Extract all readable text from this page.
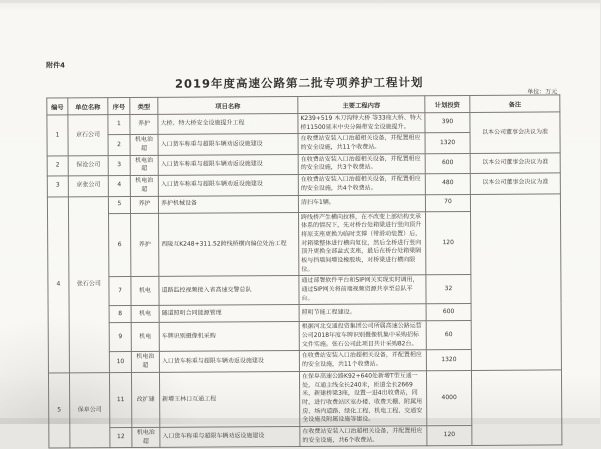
附件4
2019年度高速公路第二批专项养护工程计划
单位：万元
编号	单位名称	序号	类型	项目名称	主要工程内容	计划投资	备注
1	京石公司	1	养护	大桥、特大桥安全设施提升工程	K239+519 木刀沟特大桥 等33座大桥、特大桥11500延米中央分隔带安全设施提升。	390	以本公司董事会决议为准
		2	机电治超	入口货车称重与超限车辆劝返设施建设	在收费站安装入口治超相关设备，并配置相应的安全设施，共11个收费站。	1320	
2	保沧公司	3	机电治超	入口货车称重与超限车辆劝返设施建设	在收费站安装入口治超相关设备，并配置相应的安全设施，共3个收费站。	600	以本公司董事会决议为准
3	京张公司	4	机电治超	入口货车称重与超限车辆劝返设施建设	在收费站安装入口治超相关设备，并配置相应的安全设施，共4个收费站。	480	以本公司董事会决议为准
4	张石公司	5	养护	养护机械设备	清扫车1辆。	70	
		6	养护	西陵互K248+311.52跨线桥横向偏位处治工程	跨线桥产生横向拉移，在不改变上部结构支承体系的情况下，先对桥台处箱梁进行竖向顶升将原支座更换为临时支撑（带滑动装置）后，对箱梁整体进行横向复位，然后全桥进行竖向顶升更换全部盆式支座，最后在桥台处箱梁隔板与挡墙间增设橡胶块，对桥梁进行横向限位。	120	
		7	机电	道路监控视频接入省高速交警总队	通过部署软件平台和SIP网关实现实时调用，通过SIP网关将前端视频资源共享至总队平台。	32	
		8	机电	隧道照明合同能源管理	照明节能工程建设。	600	
		9	机电	车牌识别摄像机采购	根据河北交通投资集团公司所属高速公路运营公司2018年度车牌识别摄像机集中采购招标文件实施。张石公司此项目共计采购82台。	60	
		10	机电治超	入口货车称重与超限车辆劝返设施建设	在收费站安装入口治超相关设备，并配置相应的安全设施，共11个收费站。	1320	
5	保阜公司	11	改扩建	新增王林口互通工程	在保阜高速公路K92+640处新增T型互通一处，互通主线全长240米，匝道全长2669米，新建桥梁3座，设置一进4出收费站，同时，进行收费站区室办楼、收费天棚、附属用房、场内道路、绿化工程、机电工程、交通安全设施及附属设施等建设。	4000	
		12	机电治超	入口货车称重与超限车辆劝返设施建设	在收费站安装入口治超相关设备，并配置相应的安全设施，共6个收费站。	120	
